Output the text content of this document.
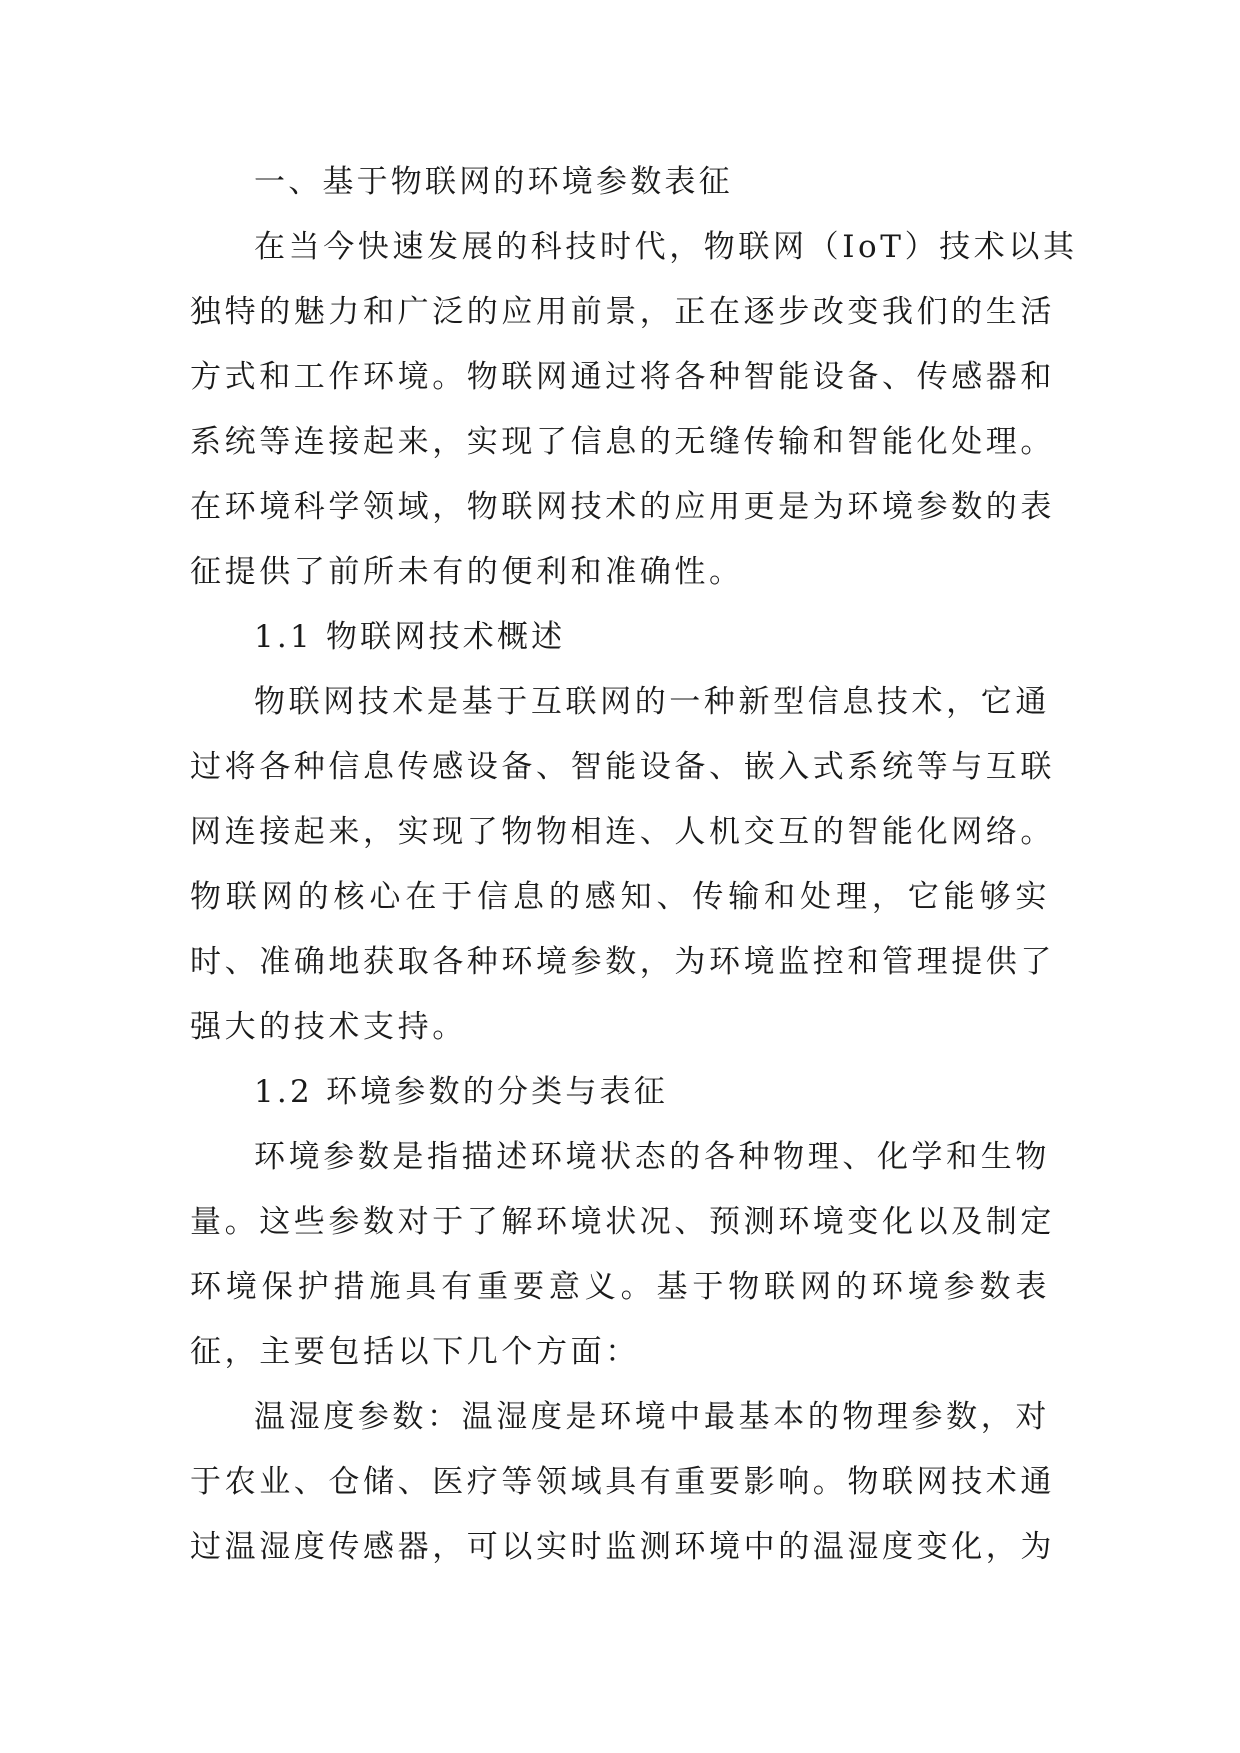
一、基于物联网的环境参数表征
在当今快速发展的科技时代，物联网（IoT）技术以其
独特的魅力和广泛的应用前景，正在逐步改变我们的生活
方式和工作环境。物联网通过将各种智能设备、传感器和
系统等连接起来，实现了信息的无缝传输和智能化处理。
在环境科学领域，物联网技术的应用更是为环境参数的表
征提供了前所未有的便利和准确性。
1.1 物联网技术概述
物联网技术是基于互联网的一种新型信息技术，它通
过将各种信息传感设备、智能设备、嵌入式系统等与互联
网连接起来，实现了物物相连、人机交互的智能化网络。
物联网的核心在于信息的感知、传输和处理，它能够实
时、准确地获取各种环境参数，为环境监控和管理提供了
强大的技术支持。
1.2 环境参数的分类与表征
环境参数是指描述环境状态的各种物理、化学和生物
量。这些参数对于了解环境状况、预测环境变化以及制定
环境保护措施具有重要意义。基于物联网的环境参数表
征，主要包括以下几个方面：
温湿度参数：温湿度是环境中最基本的物理参数，对
于农业、仓储、医疗等领域具有重要影响。物联网技术通
过温湿度传感器，可以实时监测环境中的温湿度变化，为
